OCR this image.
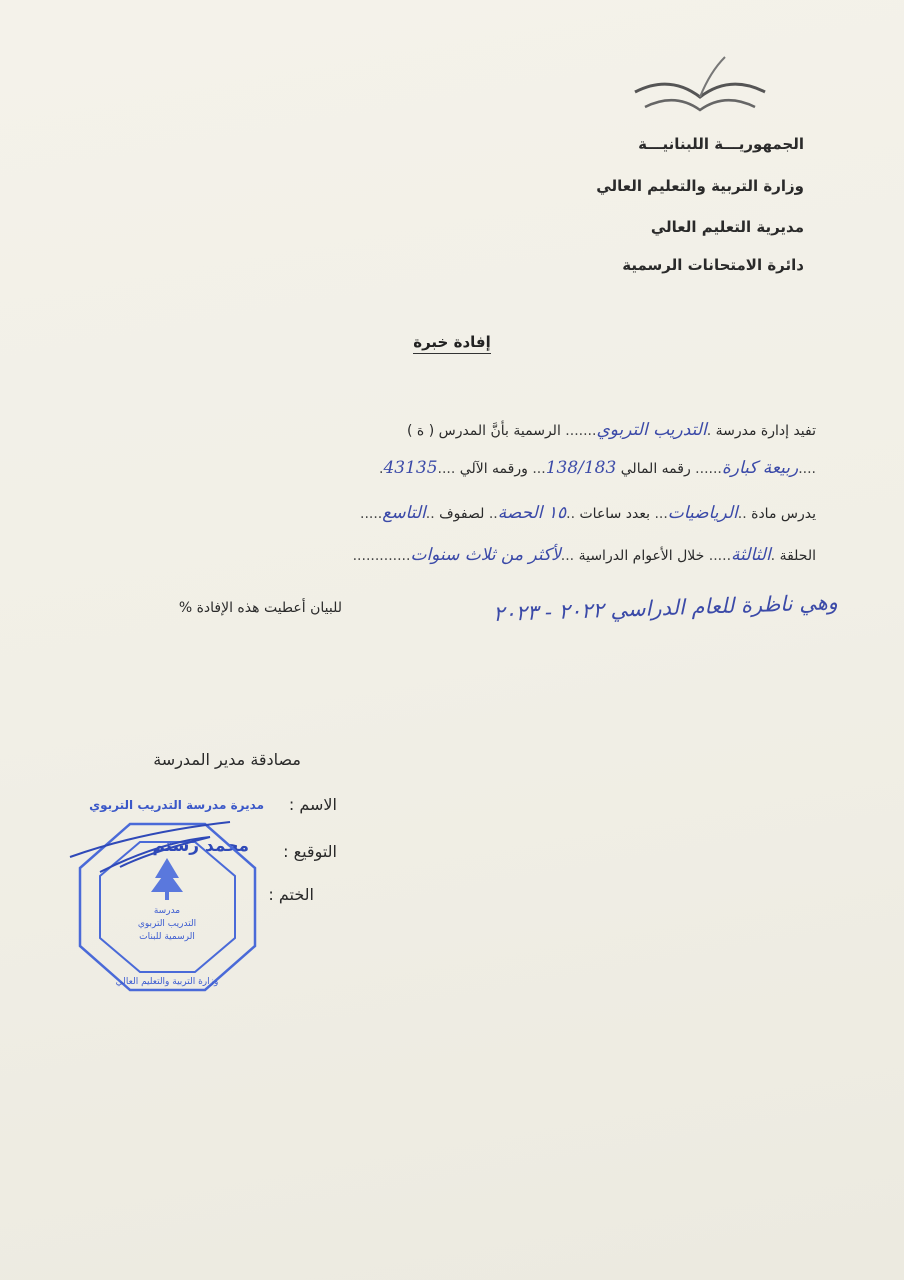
الجمهوريـــة اللبنانيـــة
وزارة التربية والتعليم العالي
مديرية التعليم العالي
دائرة الامتحانات الرسمية
إفادة خبرة
تفيد إدارة مدرسة .التدريب التربوي....... الرسمية بأنَّ المدرس ( ة )
....ربيعة كبارة...... رقمه المالي 138/183... ورقمه الآلي ....43135.
يدرس مادة ..الرياضيات... بعدد ساعات ..١٥ الحصة.. لصفوف ..التاسع.....
الحلقة .الثالثة..... خلال الأعوام الدراسية ...لأكثر من ثلاث سنوات.............
للبيان أعطيت هذه الإفادة %	وهي ناظرة للعام الدراسي ٢٠٢٢ - ٢٠٢٣
مصادقة مدير المدرسة
الاسم :
مديرة مدرسة التدريب التربوي
التوقيع :
محمد رستم
الختم :
مدرسة
التدريب التربوي
الرسمية للبنات
وزارة التربية والتعليم العالي
